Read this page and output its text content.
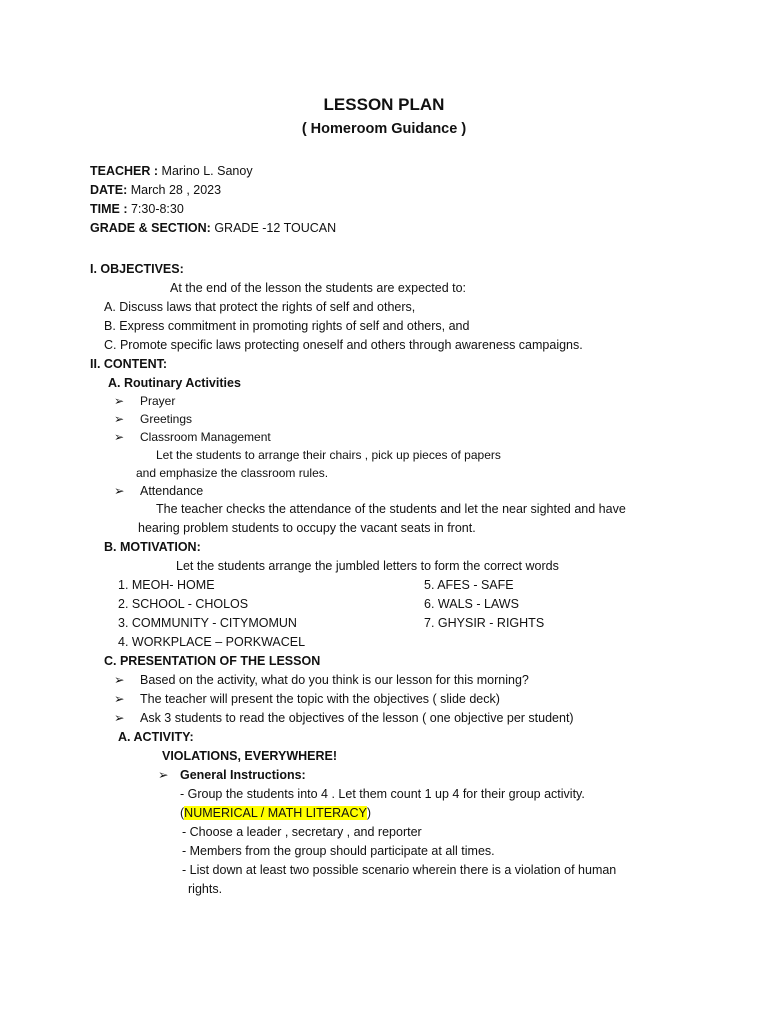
LESSON PLAN
( Homeroom Guidance )
TEACHER : Marino L. Sanoy
DATE: March 28 , 2023
TIME : 7:30-8:30
GRADE & SECTION: GRADE -12 TOUCAN
I. OBJECTIVES:
At the end of the lesson the students are expected to:
A. Discuss laws that protect the rights of self and others,
B. Express commitment in promoting rights of self and others, and
C. Promote specific laws protecting oneself and others through awareness campaigns.
II. CONTENT:
A. Routinary Activities
➢ Prayer
➢ Greetings
➢ Classroom Management
Let the students to arrange their chairs , pick up pieces of papers
and emphasize the classroom rules.
➢ Attendance
The teacher checks the attendance of the students and let the near sighted and have
hearing problem students to occupy the vacant seats in front.
B. MOTIVATION:
Let the students arrange the jumbled letters to form the correct words
1. MEOH- HOME
2. SCHOOL - CHOLOS
3. COMMUNITY - CITYMOMUN
4. WORKPLACE – PORKWACEL
5. AFES - SAFE
6. WALS - LAWS
7. GHYSIR - RIGHTS
C. PRESENTATION OF THE LESSON
➢ Based on the activity, what do you think is our lesson for this morning?
➢ The teacher will present the topic with the objectives ( slide deck)
➢ Ask 3 students to read the objectives of the lesson ( one objective per student)
A. ACTIVITY:
VIOLATIONS, EVERYWHERE!
➢ General Instructions:
- Group the students into 4 . Let them count 1 up 4 for their group activity.
(NUMERICAL / MATH LITERACY)
- Choose a leader , secretary , and reporter
- Members from the group should participate at all times.
- List down at least two possible scenario wherein there is a violation of human
rights.
